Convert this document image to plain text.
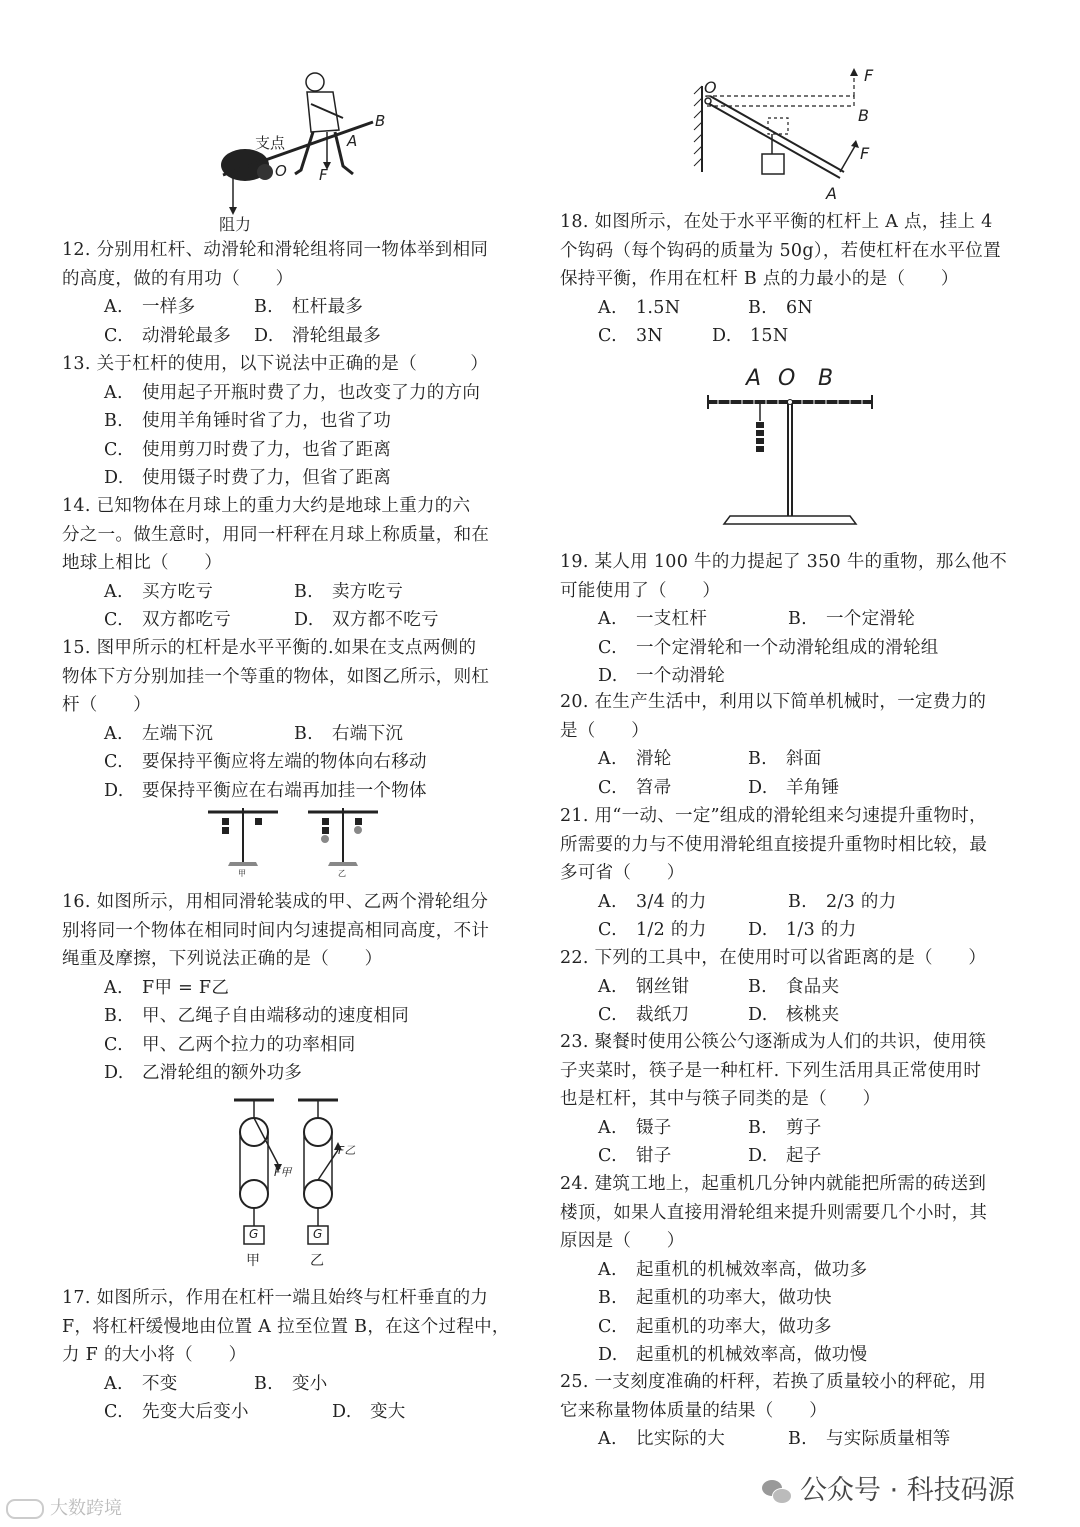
支点
O
A
B
F
阻力

12. 分别用杠杆、动滑轮和滑轮组将同一物体举到相同

的高度，做的有用功（　　）

A.	一样多	B.	杠杆最多
C.	动滑轮最多 D.	滑轮组最多

13. 关于杠杆的使用，以下说法中正确的是（　　　）

A.	使用起子开瓶时费了力，也改变了力的方向
B.	使用羊角锤时省了力，也省了功
C.	使用剪刀时费了力，也省了距离
D.	使用镊子时费了力，但省了距离

14. 已知物体在月球上的重力大约是地球上重力的六

分之一。做生意时，用同一杆秤在月球上称质量，和在

地球上相比（　　）

A.	买方吃亏	B.	卖方吃亏
C.	双方都吃亏	D.	双方都不吃亏

15. 图甲所示的杠杆是水平平衡的.如果在支点两侧的

物体下方分别加挂一个等重的物体，如图乙所示，则杠

杆（　　）

A.	左端下沉	B.	右端下沉
C.	要保持平衡应将左端的物体向右移动
D.	要保持平衡应在右端再加挂一个物体
甲	乙

16. 如图所示，用相同滑轮装成的甲、乙两个滑轮组分

别将同一个物体在相同时间内匀速提高相同高度，不计

绳重及摩擦，下列说法正确的是（　　）

A.	F甲 = F乙
B.	甲、乙绳子自由端移动的速度相同
C.	甲、乙两个拉力的功率相同
D.	乙滑轮组的额外功多
F甲
F乙
G	G
甲	乙

17. 如图所示，作用在杠杆一端且始终与杠杆垂直的力

F，将杠杆缓慢地由位置 A 拉至位置 B，在这个过程中，

力 F 的大小将（　　）

A.	不变	B.	变小
C.	先变大后变小	D.	变大
O
F
B
F
A

18. 如图所示，在处于水平平衡的杠杆上 A 点，挂上 4

个钩码（每个钩码的质量为 50g），若使杠杆在水平位置

保持平衡，作用在杠杆 B 点的力最小的是（　　）

A.	1.5N	B.	6N
C.	3N	D.	15N
A O B

19. 某人用 100 牛的力提起了 350 牛的重物，那么他不

可能使用了（　　）

A.	一支杠杆	B.	一个定滑轮
C.	一个定滑轮和一个动滑轮组成的滑轮组
D.	一个动滑轮

20. 在生产生活中，利用以下简单机械时，一定费力的

是（　　）

A.	滑轮	B.	斜面
C.	笤帚	D.	羊角锤

21. 用“一动、一定”组成的滑轮组来匀速提升重物时，

所需要的力与不使用滑轮组直接提升重物时相比较，最

多可省（　　）

A.	3/4 的力	B.	2/3 的力
C.	1/2 的力 D.	1/3 的力

22. 下列的工具中，在使用时可以省距离的是（　　）

A.	钢丝钳	B.	食品夹
C.	裁纸刀	D.	核桃夹

23. 聚餐时使用公筷公勺逐渐成为人们的共识，使用筷

子夹菜时，筷子是一种杠杆. 下列生活用具正常使用时

也是杠杆，其中与筷子同类的是（　　）

A.	镊子	B.	剪子
C.	钳子	D.	起子

24. 建筑工地上，起重机几分钟内就能把所需的砖送到

楼顶，如果人直接用滑轮组来提升则需要几个小时，其

原因是（　　）

A.	起重机的机械效率高，做功多
B.	起重机的功率大，做功快
C.	起重机的功率大，做功多
D.	起重机的机械效率高，做功慢

25. 一支刻度准确的杆秤，若换了质量较小的秤砣，用

它来称量物体质量的结果（　　）

A.	比实际的大	B.	与实际质量相等
大数跨境
公众号 · 科技码源
